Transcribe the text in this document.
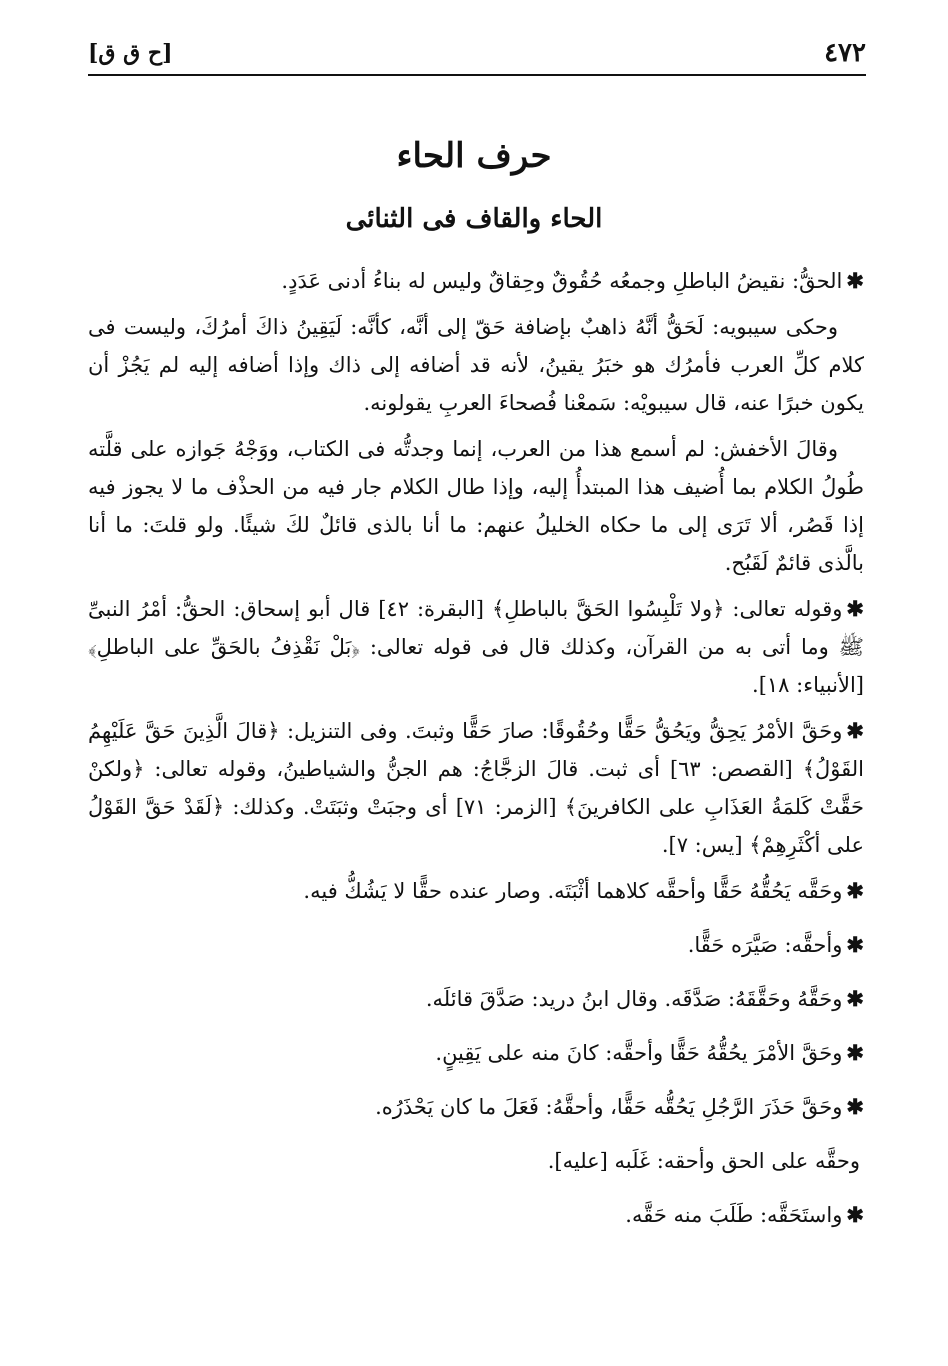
٤٧٢
[ح ق ق]
حرف الحاء
الحاء والقاف فى الثنائى

✱الحقُّ: نقيضُ الباطلِ وجمعُه حُقُوقٌ وحِقاقٌ وليس له بناءُ أدنى عَدَدٍ.

وحكى سيبويه: لَحَقُّ أنَّهُ ذاهبٌ بإضافة حَقّ إلى أنَّه، كأنَّه: لَيَقِينُ ذاكَ أمرُكَ، وليست فى كلام كلِّ العرب فأمرُك هو خبَرُ يقينُ، لأنه قد أضافه إلى ذاك وإذا أضافه إليه لم يَجُزْ أن يكون خبرًا عنه، قال سيبويْه: سَمعْنا فُصحاءَ العربِ يقولونه.

وقالَ الأخفش: لم أسمع هذا من العرب، إنما وجدتُّه فى الكتاب، ووَجْهُ جَوازه على قلَّته طُولُ الكلام بما أُضيف هذا المبتدأُ إليه، وإذا طال الكلام جار فيه من الحذْف ما لا يجوز فيه إذا قَصُر، ألا تَرَى إلى ما حكاه الخليلُ عنهم: ما أنا بالذى قائلٌ لكَ شيئًا. ولو قلتَ: ما أنا بالَّذى قائمٌ لَقَبُح.

✱وقوله تعالى: ﴿ولا تَلْبِسُوا الحَقَّ بالباطلِ﴾ [البقرة: ٤٢] قال أبو إسحاق: الحقُّ: أمْرُ النبىِّ ﷺ وما أتى به من القرآن، وكذلك قال فى قوله تعالى: ﴿بَلْ نَقْذِفُ بالحَقِّ على الباطلِ﴾ [الأنبياء: ١٨].

✱وحَقَّ الأمْرُ يَحِقُّ ويَحُقُّ حَقًّا وحُقُوقًا: صارَ حَقًّا وثبتَ. وفى التنزيل: ﴿قالَ الَّذِينَ حَقَّ عَلَيْهِمُ القَوْلُ﴾ [القصص: ٦٣] أى ثبت. قالَ الزجَّاجُ: هم الجنُّ والشياطينُ، وقوله تعالى: ﴿ولكنْ حَقَّتْ كَلمَةُ العَذَابِ على الكافرينَ﴾ [الزمر: ٧١] أى وجبَتْ وثبَتَتْ. وكذلك: ﴿لَقَدْ حَقَّ القَوْلُ على أكْثَرِهِمْ﴾ [يس: ٧].

✱وحَقَّه يَحُقُّهُ حَقًّا وأحقَّه كلاهما أثْبَتَه. وصار عنده حقًّا لا يَشُكُّ فيه.

✱وأحقَّه: صَيَّرَه حَقًّا.

✱وحَقَّهُ وحَقَّقَهُ: صَدَّقَه. وقال ابنُ دريد: صَدَّقَ قائلَه.

✱وحَقَّ الأمْرَ يحُقُّهُ حَقًّا وأحقَّه: كانَ منه على يَقِينٍ.

✱وحَقَّ حَذَرَ الرَّجُلِ يَحُقُّه حَقًّا، وأحقَّهُ: فَعَلَ ما كان يَحْذَرُه.

وحقَّه على الحق وأحقه: غَلَبه [عليه].

✱واستَحَقَّه: طَلَبَ منه حَقَّه.
